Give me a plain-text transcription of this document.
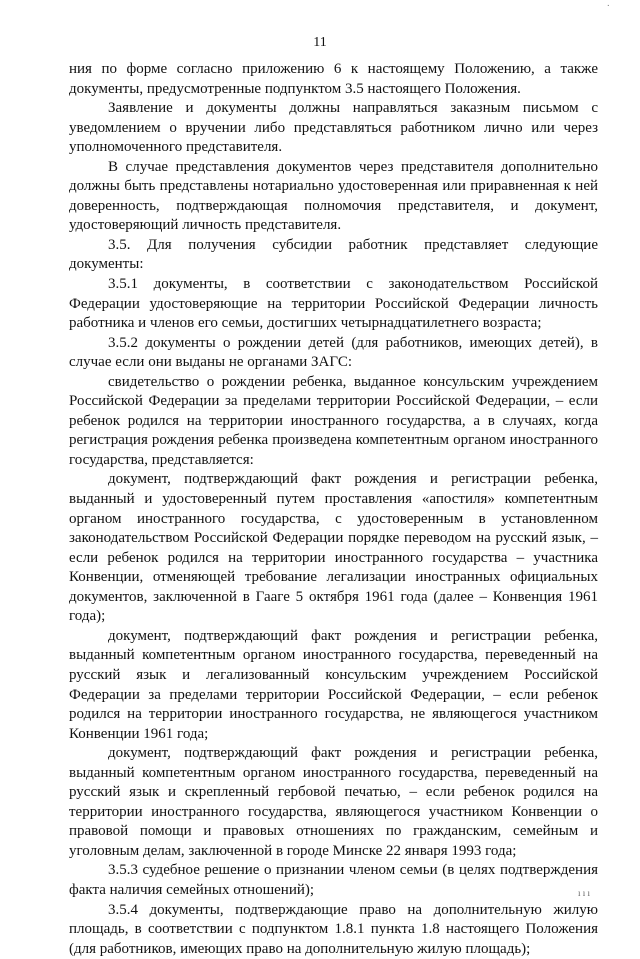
·
11

ния по форме согласно приложению 6 к настоящему Положению, а также документы, предусмотренные подпунктом 3.5 настоящего Положения.

Заявление и документы должны направляться заказным письмом с уведомлением о вручении либо представляться работником лично или через уполномоченного представителя.

В случае представления документов через представителя дополнительно должны быть представлены нотариально удостоверенная или приравненная к ней доверенность, подтверждающая полномочия представителя, и документ, удостоверяющий личность представителя.

3.5. Для получения субсидии работник представляет следующие документы:

3.5.1 документы, в соответствии с законодательством Российской Федерации удостоверяющие на территории Российской Федерации личность работника и членов его семьи, достигших четырнадцатилетнего возраста;

3.5.2 документы о рождении детей (для работников, имеющих детей), в случае если они выданы не органами ЗАГС:

свидетельство о рождении ребенка, выданное консульским учреждением Российской Федерации за пределами территории Российской Федерации, – если ребенок родился на территории иностранного государства, а в случаях, когда регистрация рождения ребенка произведена компетентным органом иностранного государства, представляется:

документ, подтверждающий факт рождения и регистрации ребенка, выданный и удостоверенный путем проставления «апостиля» компетентным органом иностранного государства, с удостоверенным в установленном законодательством Российской Федерации порядке переводом на русский язык, – если ребенок родился на территории иностранного государства – участника Конвенции, отменяющей требование легализации иностранных официальных документов, заключенной в Гааге 5 октября 1961 года (далее – Конвенция 1961 года);

документ, подтверждающий факт рождения и регистрации ребенка, выданный компетентным органом иностранного государства, переведенный на русский язык и легализованный консульским учреждением Российской Федерации за пределами территории Российской Федерации, – если ребенок родился на территории иностранного государства, не являющегося участником Конвенции 1961 года;

документ, подтверждающий факт рождения и регистрации ребенка, выданный компетентным органом иностранного государства, переведенный на русский язык и скрепленный гербовой печатью, – если ребенок родился на территории иностранного государства, являющегося участником Конвенции о правовой помощи и правовых отношениях по гражданским, семейным и уголовным делам, заключенной в городе Минске 22 января 1993 года;

3.5.3 судебное решение о признании членом семьи (в целях подтверждения факта наличия семейных отношений);

3.5.4 документы, подтверждающие право на дополнительную жилую площадь, в соответствии с подпунктом 1.8.1 пункта 1.8 настоящего Положения (для работников, имеющих право на дополнительную жилую площадь);

ı ı ı
